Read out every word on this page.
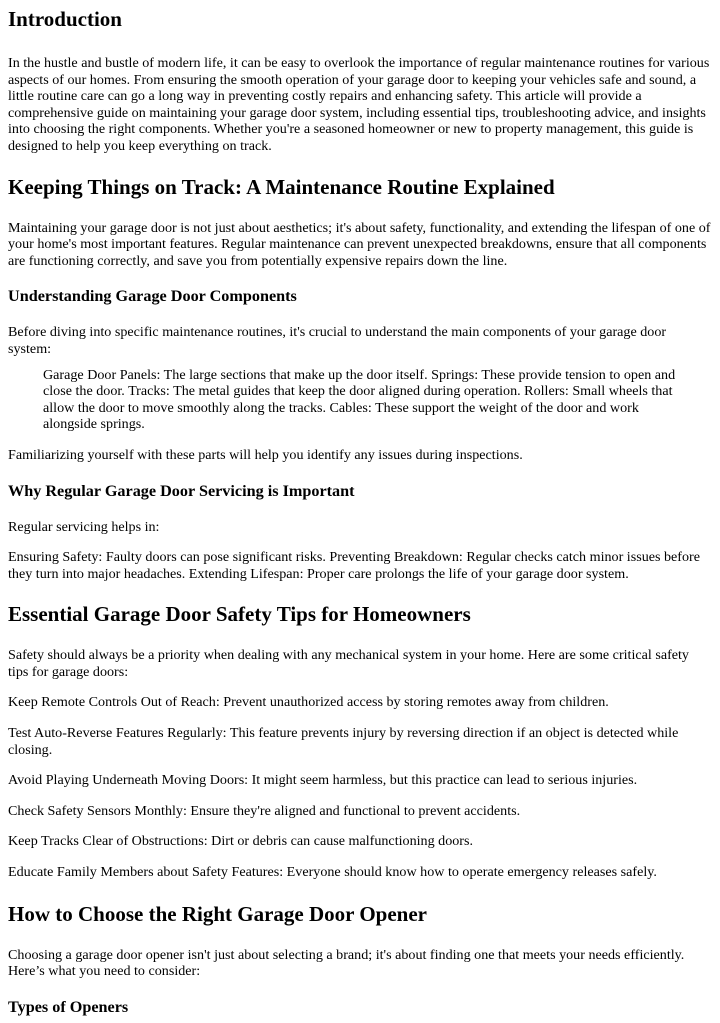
Introduction

In the hustle and bustle of modern life, it can be easy to overlook the importance of regular maintenance routines for various aspects of our homes. From ensuring the smooth operation of your garage door to keeping your vehicles safe and sound, a little routine care can go a long way in preventing costly repairs and enhancing safety. This article will provide a comprehensive guide on maintaining your garage door system, including essential tips, troubleshooting advice, and insights into choosing the right components. Whether you're a seasoned homeowner or new to property management, this guide is designed to help you keep everything on track.

Keeping Things on Track: A Maintenance Routine Explained

Maintaining your garage door is not just about aesthetics; it's about safety, functionality, and extending the lifespan of one of your home's most important features. Regular maintenance can prevent unexpected breakdowns, ensure that all components are functioning correctly, and save you from potentially expensive repairs down the line.

Understanding Garage Door Components

Before diving into specific maintenance routines, it's crucial to understand the main components of your garage door system:

Garage Door Panels: The large sections that make up the door itself. Springs: These provide tension to open and close the door. Tracks: The metal guides that keep the door aligned during operation. Rollers: Small wheels that allow the door to move smoothly along the tracks. Cables: These support the weight of the door and work alongside springs.

Familiarizing yourself with these parts will help you identify any issues during inspections.

Why Regular Garage Door Servicing is Important

Regular servicing helps in:

Ensuring Safety: Faulty doors can pose significant risks. Preventing Breakdown: Regular checks catch minor issues before they turn into major headaches. Extending Lifespan: Proper care prolongs the life of your garage door system.

Essential Garage Door Safety Tips for Homeowners

Safety should always be a priority when dealing with any mechanical system in your home. Here are some critical safety tips for garage doors:

Keep Remote Controls Out of Reach: Prevent unauthorized access by storing remotes away from children.

Test Auto-Reverse Features Regularly: This feature prevents injury by reversing direction if an object is detected while closing.

Avoid Playing Underneath Moving Doors: It might seem harmless, but this practice can lead to serious injuries.

Check Safety Sensors Monthly: Ensure they're aligned and functional to prevent accidents.

Keep Tracks Clear of Obstructions: Dirt or debris can cause malfunctioning doors.

Educate Family Members about Safety Features: Everyone should know how to operate emergency releases safely.

How to Choose the Right Garage Door Opener

Choosing a garage door opener isn't just about selecting a brand; it's about finding one that meets your needs efficiently. Here’s what you need to consider:

Types of Openers
